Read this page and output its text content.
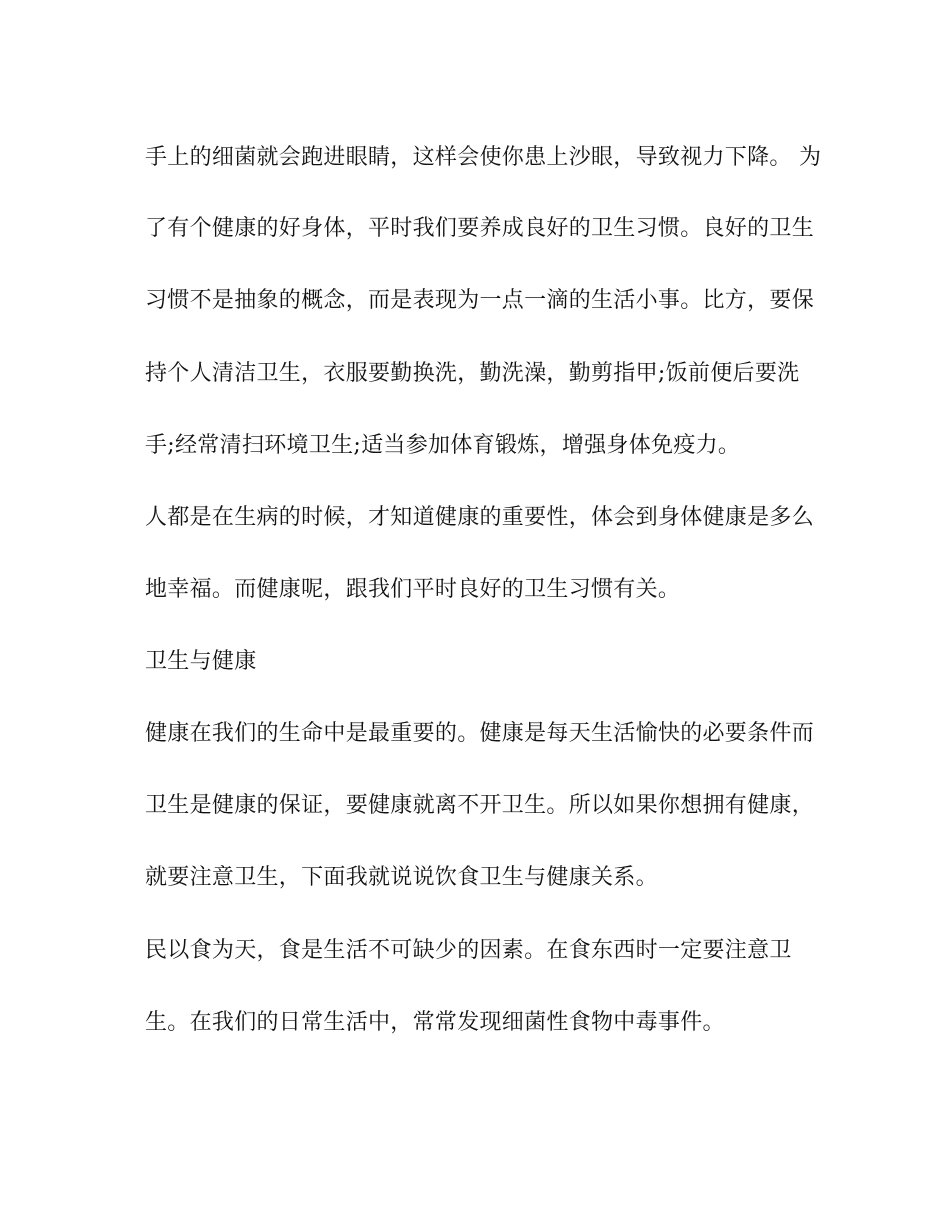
手上的细菌就会跑进眼睛，这样会使你患上沙眼，导致视力下降。 为
了有个健康的好身体，平时我们要养成良好的卫生习惯。良好的卫生
习惯不是抽象的概念，而是表现为一点一滴的生活小事。比方，要保
持个人清洁卫生，衣服要勤换洗，勤洗澡，勤剪指甲;饭前便后要洗
手;经常清扫环境卫生;适当参加体育锻炼，增强身体免疫力。
人都是在生病的时候，才知道健康的重要性，体会到身体健康是多么
地幸福。而健康呢，跟我们平时良好的卫生习惯有关。
卫生与健康
健康在我们的生命中是最重要的。健康是每天生活愉快的必要条件而
卫生是健康的保证，要健康就离不开卫生。所以如果你想拥有健康，
就要注意卫生，下面我就说说饮食卫生与健康关系。
民以食为天，食是生活不可缺少的因素。在食东西时一定要注意卫
生。在我们的日常生活中，常常发现细菌性食物中毒事件。
